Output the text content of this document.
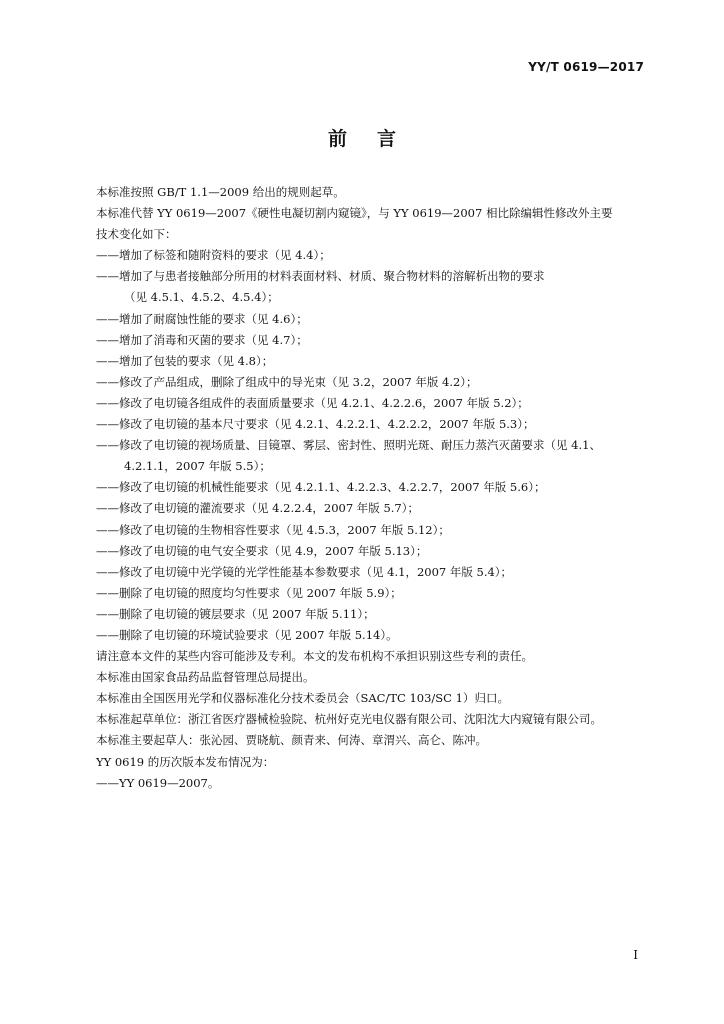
YY/T 0619—2017
前言
本标准按照 GB/T 1.1—2009 给出的规则起草。
本标准代替 YY 0619—2007《硬性电凝切割内窥镜》，与 YY 0619—2007 相比除编辑性修改外主要
技术变化如下：
——增加了标签和随附资料的要求（见 4.4）；
——增加了与患者接触部分所用的材料表面材料、材质、聚合物材料的溶解析出物的要求
（见 4.5.1、4.5.2、4.5.4）；
——增加了耐腐蚀性能的要求（见 4.6）；
——增加了消毒和灭菌的要求（见 4.7）；
——增加了包装的要求（见 4.8）；
——修改了产品组成，删除了组成中的导光束（见 3.2，2007 年版 4.2）；
——修改了电切镜各组成件的表面质量要求（见 4.2.1、4.2.2.6，2007 年版 5.2）；
——修改了电切镜的基本尺寸要求（见 4.2.1、4.2.2.1、4.2.2.2，2007 年版 5.3）；
——修改了电切镜的视场质量、目镜罩、雾层、密封性、照明光斑、耐压力蒸汽灭菌要求（见 4.1、
4.2.1.1，2007 年版 5.5）；
——修改了电切镜的机械性能要求（见 4.2.1.1、4.2.2.3、4.2.2.7，2007 年版 5.6）；
——修改了电切镜的灌流要求（见 4.2.2.4，2007 年版 5.7）；
——修改了电切镜的生物相容性要求（见 4.5.3，2007 年版 5.12）；
——修改了电切镜的电气安全要求（见 4.9，2007 年版 5.13）；
——修改了电切镜中光学镜的光学性能基本参数要求（见 4.1，2007 年版 5.4）；
——删除了电切镜的照度均匀性要求（见 2007 年版 5.9）；
——删除了电切镜的镀层要求（见 2007 年版 5.11）；
——删除了电切镜的环境试验要求（见 2007 年版 5.14）。
请注意本文件的某些内容可能涉及专利。本文的发布机构不承担识别这些专利的责任。
本标准由国家食品药品监督管理总局提出。
本标准由全国医用光学和仪器标准化分技术委员会（SAC/TC 103/SC 1）归口。
本标准起草单位：浙江省医疗器械检验院、杭州好克光电仪器有限公司、沈阳沈大内窥镜有限公司。
本标准主要起草人：张沁园、贾晓航、颜青来、何涛、章渭兴、高仑、陈冲。
YY 0619 的历次版本发布情况为：
——YY 0619—2007。
I
